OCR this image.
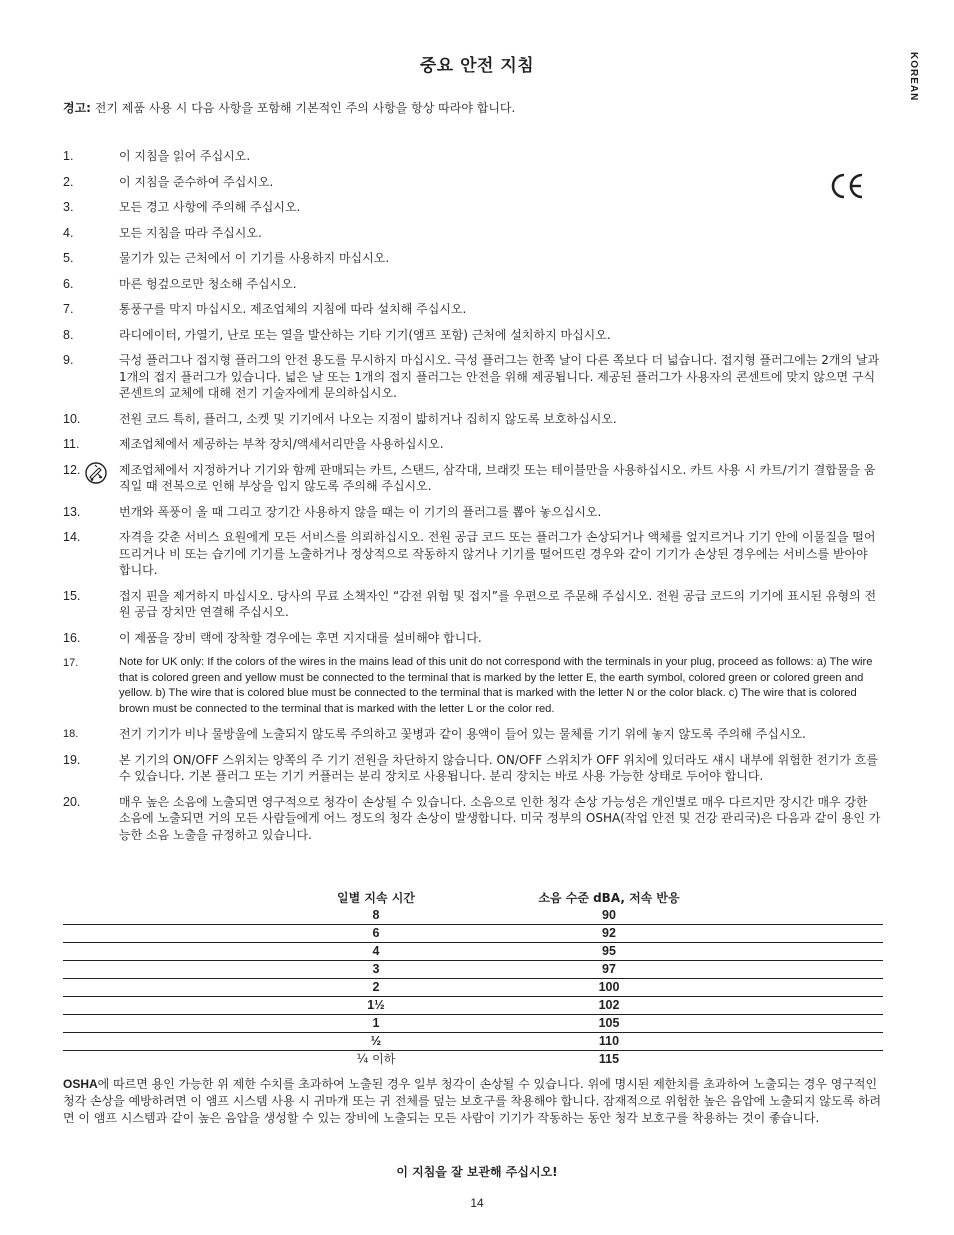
중요 안전 지침	KOREAN
경고: 전기 제품 사용 시 다음 사항을 포함해 기본적인 주의 사항을 항상 따라야 합니다.
1.	이 지침을 읽어 주십시오.
2.	이 지침을 준수하여 주십시오.
3.	모든 경고 사항에 주의해 주십시오.
4.	모든 지침을 따라 주십시오.
5.	물기가 있는 근처에서 이 기기를 사용하지 마십시오.
6.	마른 헝겊으로만 청소해 주십시오.
7.	통풍구를 막지 마십시오. 제조업체의 지침에 따라 설치해 주십시오.
8.	라디에이터, 가열기, 난로 또는 열을 발산하는 기타 기기(앰프 포함) 근처에 설치하지 마십시오.
9.	극성 플러그나 접지형 플러그의 안전 용도를 무시하지 마십시오. 극성 플러그는 한쪽 날이 다른 쪽보다 더 넓습니다. 접지형 플러그에는 2개의 날과 1개의 접지 플러그가 있습니다. 넓은 날 또는 1개의 접지 플러그는 안전을 위해 제공됩니다. 제공된 플러그가 사용자의 콘센트에 맞지 않으면 구식 콘센트의 교체에 대해 전기 기술자에게 문의하십시오.
10.	전원 코드 특히, 플러그, 소켓 및 기기에서 나오는 지점이 밟히거나 집히지 않도록 보호하십시오.
11.	제조업체에서 제공하는 부착 장치/액세서리만을 사용하십시오.
12.	제조업체에서 지정하거나 기기와 함께 판매되는 카트, 스탠드, 삼각대, 브래킷 또는 테이블만을 사용하십시오. 카트 사용 시 카트/기기 결합물을 움직일 때 전복으로 인해 부상을 입지 않도록 주의해 주십시오.
13.	번개와 폭풍이 올 때 그리고 장기간 사용하지 않을 때는 이 기기의 플러그를 뽑아 놓으십시오.
14.	자격을 갖춘 서비스 요원에게 모든 서비스를 의뢰하십시오. 전원 공급 코드 또는 플러그가 손상되거나 액체를 엎지르거나 기기 안에 이물질을 떨어뜨리거나 비 또는 습기에 기기를 노출하거나 정상적으로 작동하지 않거나 기기를 떨어뜨린 경우와 같이 기기가 손상된 경우에는 서비스를 받아야 합니다.
15.	접지 핀을 제거하지 마십시오. 당사의 무료 소책자인 “감전 위험 및 접지”를 우편으로 주문해 주십시오. 전원 공급 코드의 기기에 표시된 유형의 전원 공급 장치만 연결해 주십시오.
16.	이 제품을 장비 랙에 장착할 경우에는 후면 지지대를 설비해야 합니다.
17.	Note for UK only: If the colors of the wires in the mains lead of this unit do not correspond with the terminals in your plug, proceed as follows: a) The wire that is colored green and yellow must be connected to the terminal that is marked by the letter E, the earth symbol, colored green or colored green and yellow. b) The wire that is colored blue must be connected to the terminal that is marked with the letter N or the color black. c) The wire that is colored brown must be connected to the terminal that is marked with the letter L or the color red.
18.	전기 기기가 비나 물방울에 노출되지 않도록 주의하고 꽃병과 같이 용액이 들어 있는 물체를 기기 위에 놓지 않도록 주의해 주십시오.
19.	본 기기의 ON/OFF 스위치는 양쪽의 주 기기 전원을 차단하지 않습니다. ON/OFF 스위치가 OFF 위치에 있더라도 섀시 내부에 위험한 전기가 흐를 수 있습니다. 기본 플러그 또는 기기 커플러는 분리 장치로 사용됩니다. 분리 장치는 바로 사용 가능한 상태로 두어야 합니다.
20.	매우 높은 소음에 노출되면 영구적으로 청각이 손상될 수 있습니다. 소음으로 인한 청각 손상 가능성은 개인별로 매우 다르지만 장시간 매우 강한 소음에 노출되면 거의 모든 사람들에게 어느 정도의 청각 손상이 발생합니다. 미국 정부의 OSHA(작업 안전 및 건강 관리국)은 다음과 같이 용인 가능한 소음 노출을 규정하고 있습니다.
일별 지속 시간	소음 수준 dBA, 저속 반응
8	90
6	92
4	95
3	97
2	100
1½	102
1	105
½	110
¼ 이하	115
OSHA에 따르면 용인 가능한 위 제한 수치를 초과하여 노출된 경우 일부 청각이 손상될 수 있습니다. 위에 명시된 제한치를 초과하여 노출되는 경우 영구적인 청각 손상을 예방하려면 이 앰프 시스템 사용 시 귀마개 또는 귀 전체를 덮는 보호구를 착용해야 합니다. 잠재적으로 위험한 높은 음압에 노출되지 않도록 하려면 이 앰프 시스템과 같이 높은 음압을 생성할 수 있는 장비에 노출되는 모든 사람이 기기가 작동하는 동안 청각 보호구를 착용하는 것이 좋습니다.
이 지침을 잘 보관해 주십시오!
14
